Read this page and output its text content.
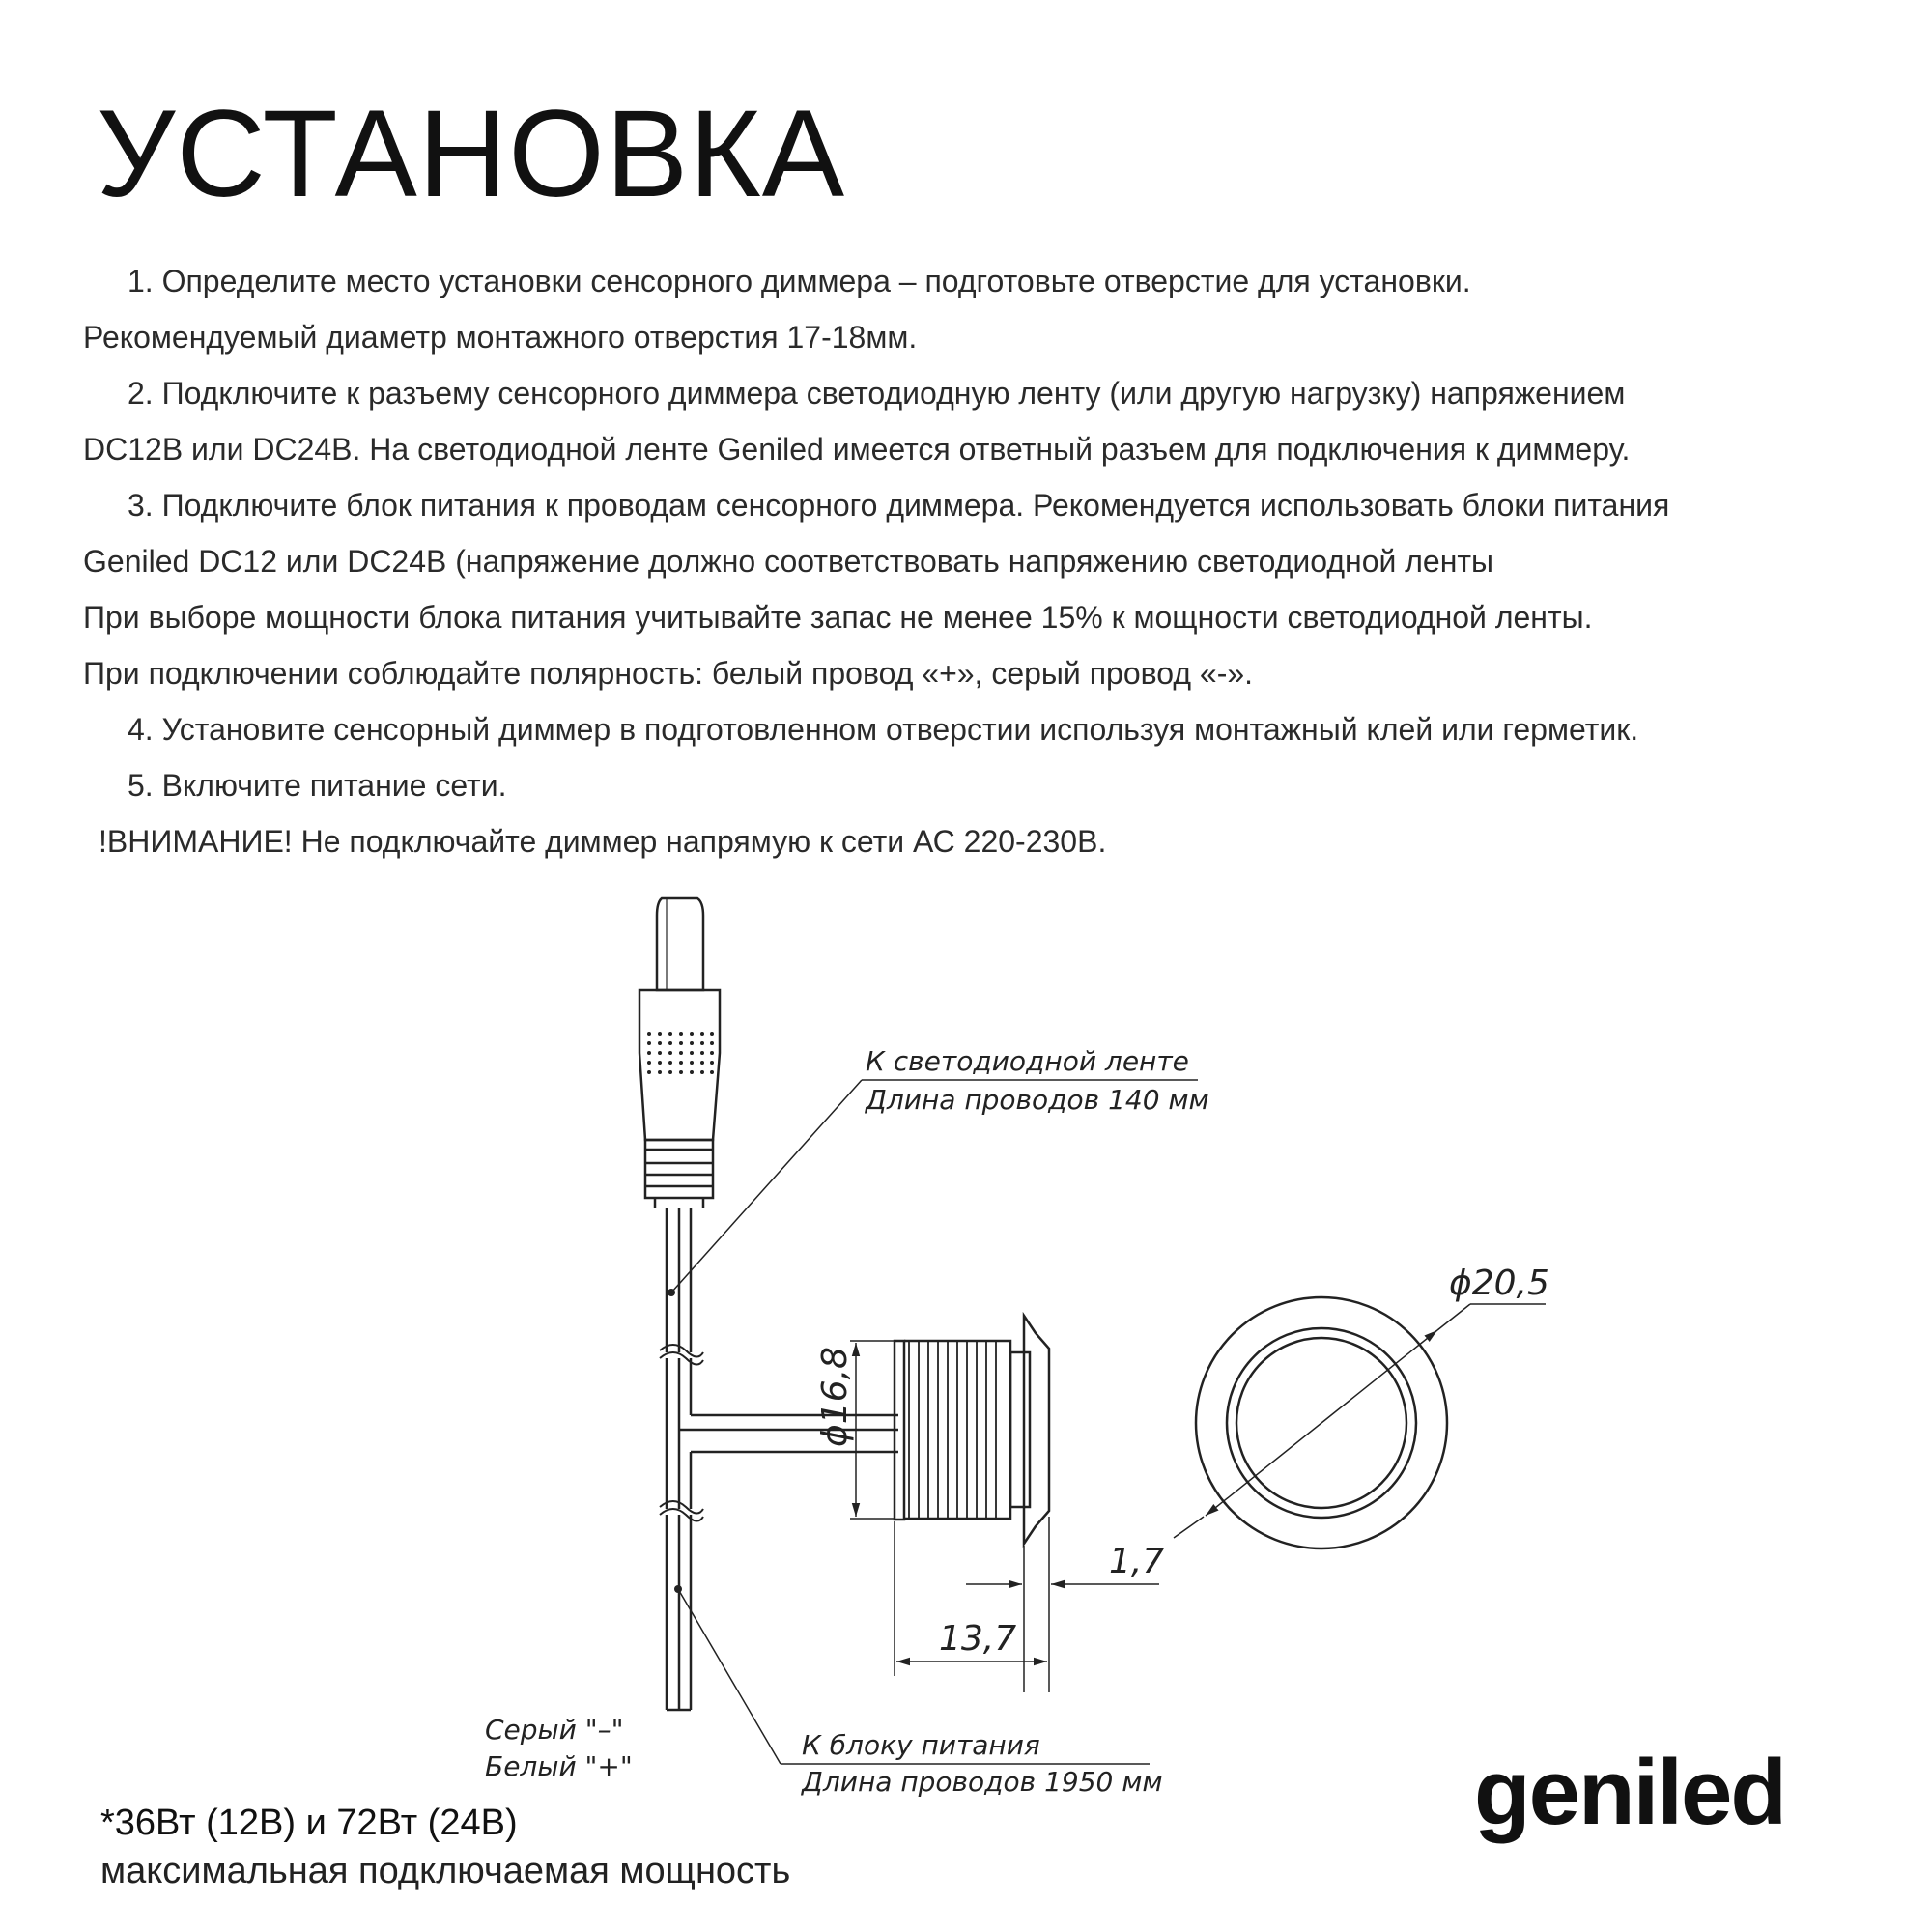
УСТАНОВКА
1. Определите место установки сенсорного диммера – подготовьте отверстие для установки.
Рекомендуемый диаметр монтажного отверстия 17-18мм.
2. Подключите к разъему сенсорного диммера светодиодную ленту (или другую нагрузку) напряжением
DC12В или DC24В. На светодиодной ленте Geniled имеется ответный разъем для подключения к диммеру.
3. Подключите блок питания к проводам сенсорного диммера. Рекомендуется использовать блоки питания
Geniled DC12 или DC24В (напряжение должно соответствовать напряжению светодиодной ленты
При выборе мощности блока питания учитывайте запас не менее 15% к мощности светодиодной ленты.
При подключении соблюдайте полярность: белый провод «+», серый провод «-».
4. Установите сенсорный диммер в подготовленном отверстии используя монтажный клей или герметик.
5. Включите питание сети.
!ВНИМАНИЕ! Не подключайте диммер напрямую к сети АС 220-230В.
ϕ16,8
1,7
13,7
ϕ20,5
К светодиодной ленте
Длина проводов 140 мм
К блоку питания
Длина проводов 1950 мм
Серый "–"
Белый "+"
*36Вт (12В) и 72Вт (24В)
максимальная подключаемая мощность
geniled
